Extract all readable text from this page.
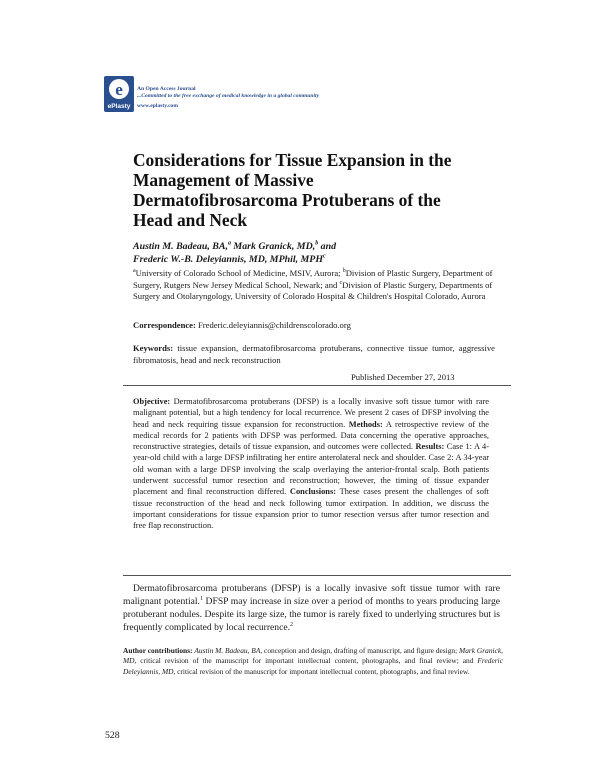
e
ePlasty
An Open Access Journal
...Committed to the free exchange of medical knowledge in a global community
www.eplasty.com
Considerations for Tissue Expansion in the Management of Massive Dermatofibrosarcoma Protuberans of the Head and Neck
Austin M. Badeau, BA,$^a$ Mark Granick, MD,$^b$ and
Frederic W.-B. Deleyiannis, MD, MPhil, MPH$^c$
$^a$University of Colorado School of Medicine, MSIV, Aurora; $^b$Division of Plastic Surgery, Department of Surgery, Rutgers New Jersey Medical School, Newark; and $^c$Division of Plastic Surgery, Departments of Surgery and Otolaryngology, University of Colorado Hospital & Children's Hospital Colorado, Aurora
Correspondence: Frederic.deleyiannis@childrenscolorado.org
Keywords: tissue expansion, dermatofibrosarcoma protuberans, connective tissue tumor, aggressive fibromatosis, head and neck reconstruction
Published December 27, 2013
Objective: Dermatofibrosarcoma protuberans (DFSP) is a locally invasive soft tissue tumor with rare malignant potential, but a high tendency for local recurrence. We present 2 cases of DFSP involving the head and neck requiring tissue expansion for reconstruction. Methods: A retrospective review of the medical records for 2 patients with DFSP was performed. Data concerning the operative approaches, reconstructive strategies, details of tissue expansion, and outcomes were collected. Results: Case 1: A 4-year-old child with a large DFSP infiltrating her entire anterolateral neck and shoulder. Case 2: A 34-year old woman with a large DFSP involving the scalp overlaying the anterior-frontal scalp. Both patients underwent successful tumor resection and reconstruction; however, the timing of tissue expander placement and final reconstruction differed. Conclusions: These cases present the challenges of soft tissue reconstruction of the head and neck following tumor extirpation. In addition, we discuss the important considerations for tissue expansion prior to tumor resection versus after tumor resection and free flap reconstruction.
Dermatofibrosarcoma protuberans (DFSP) is a locally invasive soft tissue tumor with rare malignant potential.$^1$ DFSP may increase in size over a period of months to years producing large protuberant nodules. Despite its large size, the tumor is rarely fixed to underlying structures but is frequently complicated by local recurrence.$^2$
Author contributions: Austin M. Badeau, BA, conception and design, drafting of manuscript, and figure design; Mark Granick, MD, critical revision of the manuscript for important intellectual content, photographs, and final review; and Frederic Deleyiannis, MD, critical revision of the manuscript for important intellectual content, photographs, and final review.
528
